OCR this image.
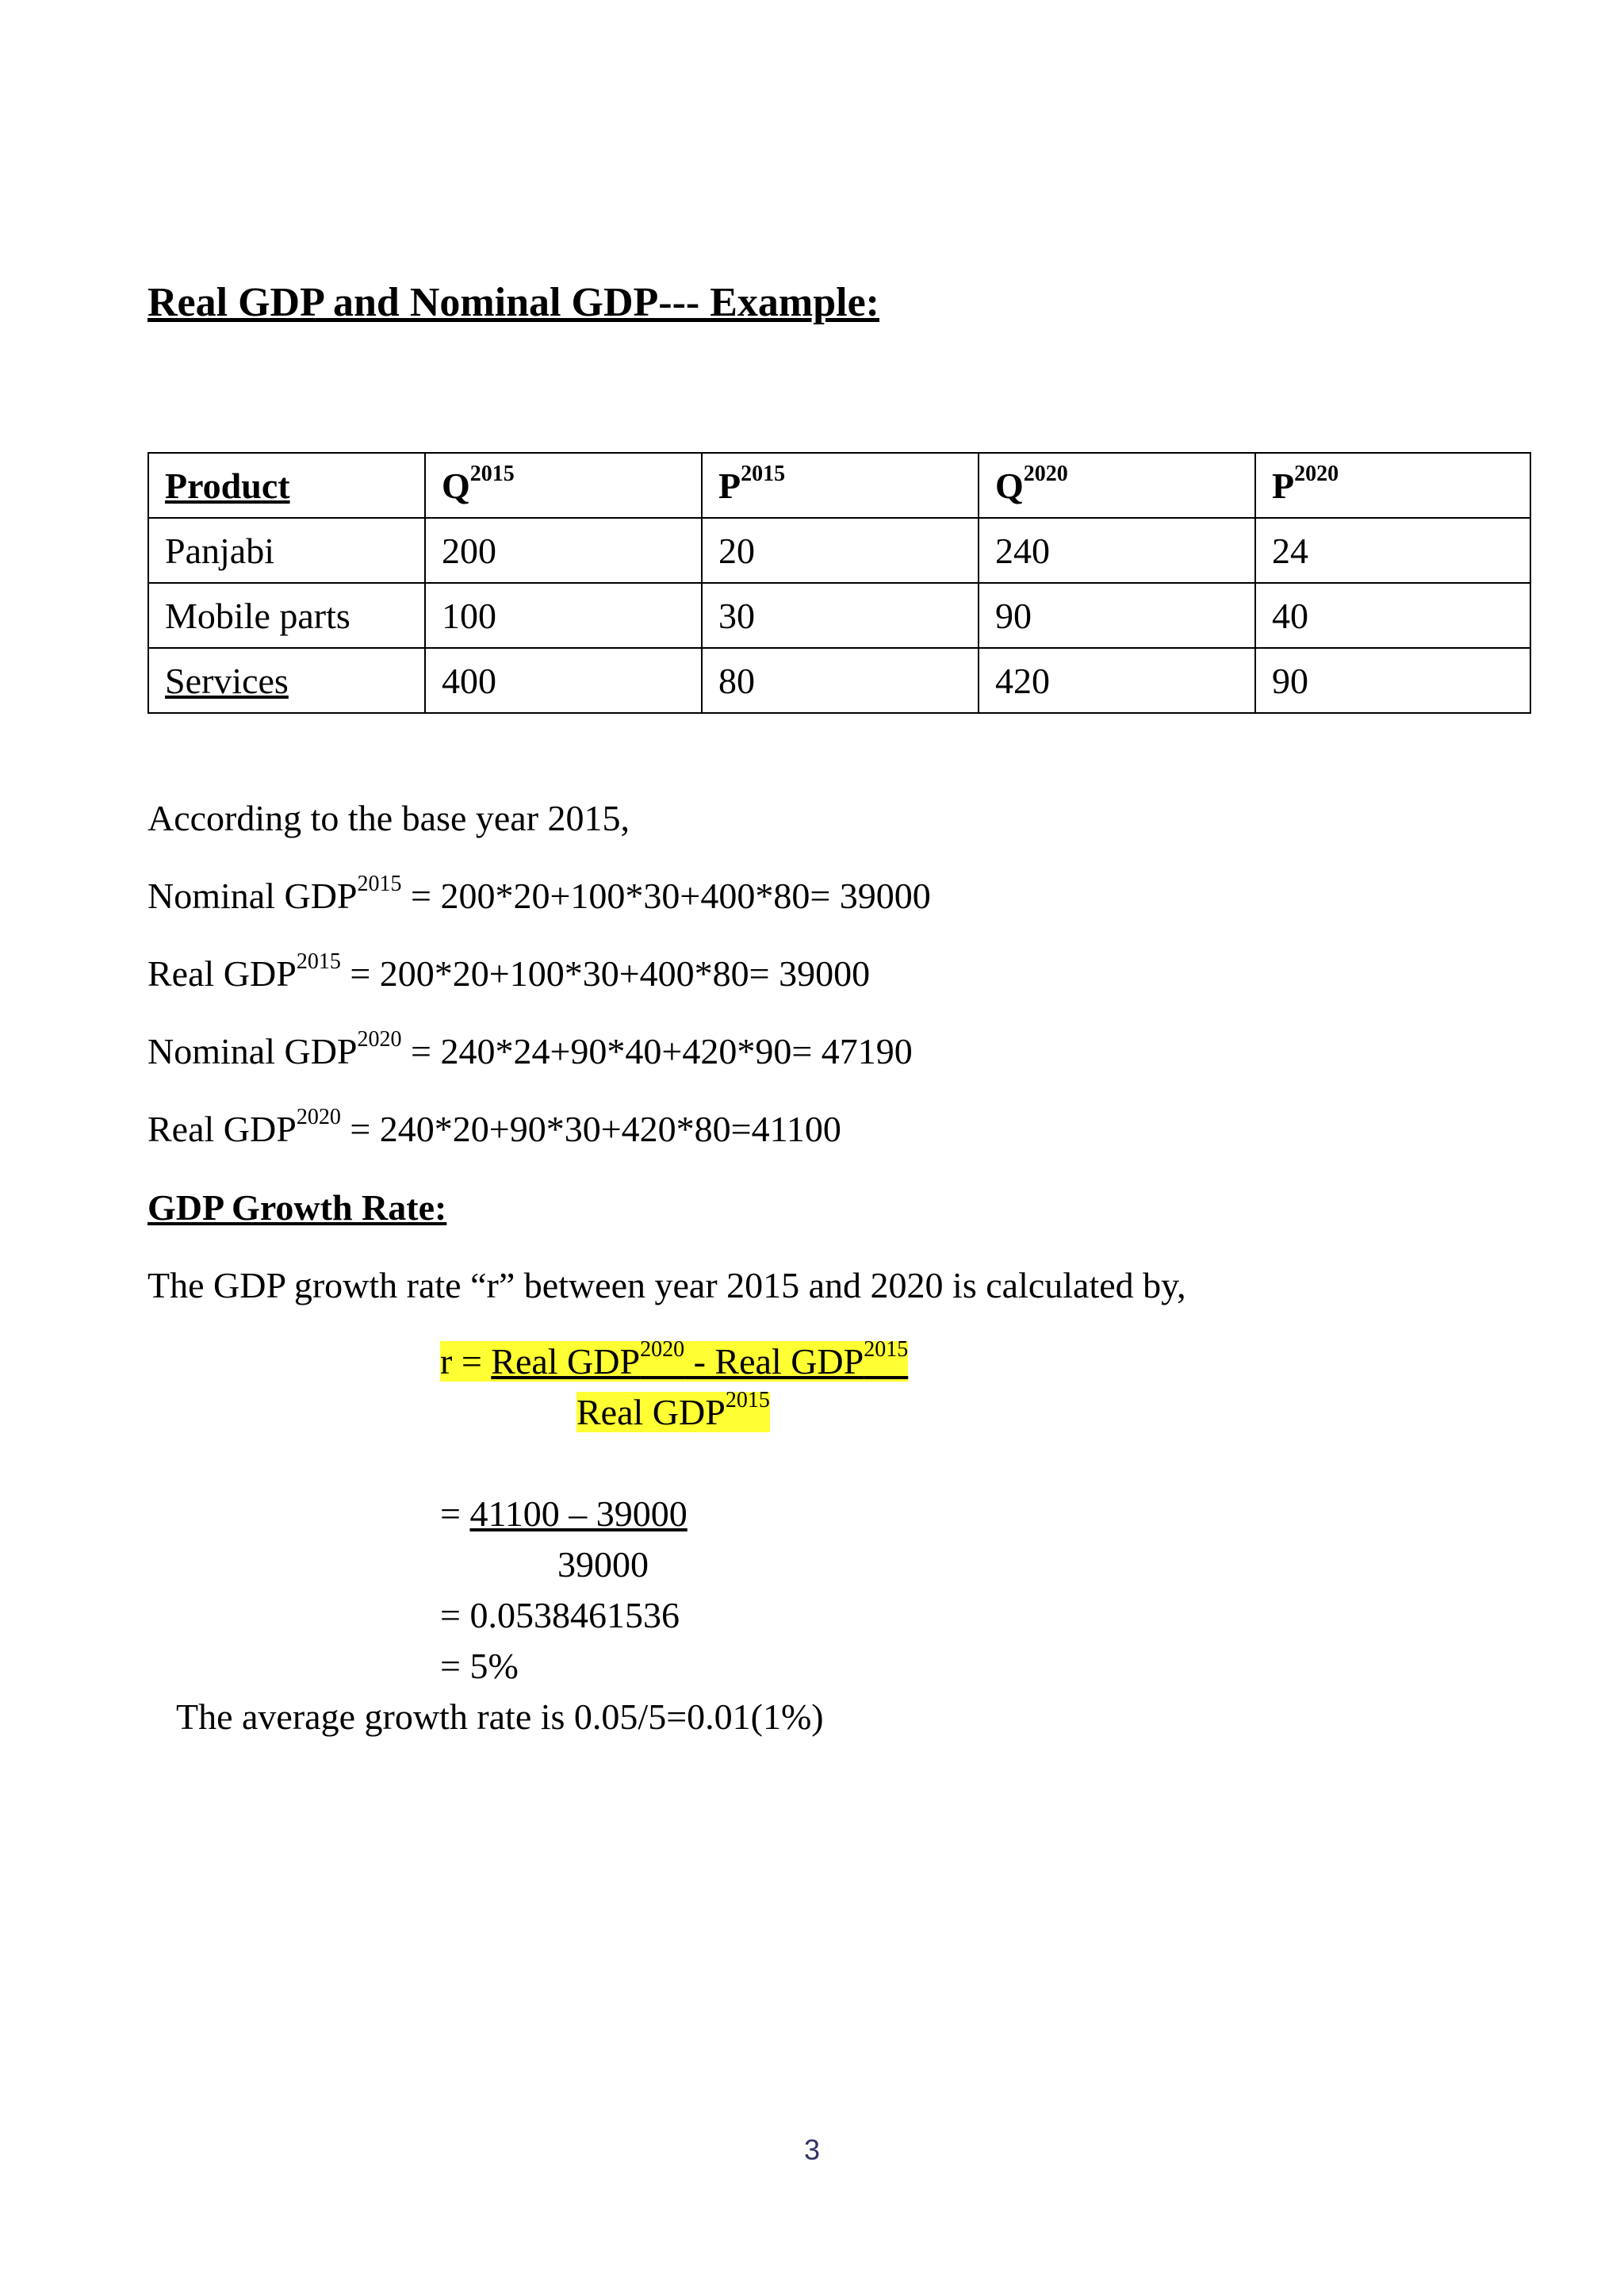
Real GDP and Nominal GDP--- Example:
Product	$Q^{2015}$	$P^{2015}$	$Q^{2020}$	$P^{2020}$
Panjabi	200	20	240	24
Mobile parts	100	30	90	40
Services	400	80	420	90
According to the base year 2015,
Nominal $GDP^{2015} = 200*20+100*30+400*80= 39000$
Real $GDP^{2015} = 200*20+100*30+400*80= 39000$
Nominal $GDP^{2020} = 240*24+90*40+420*90= 47190$
Real $GDP^{2020} = 240*20+90*30+420*80=41100$
GDP Growth Rate:
The GDP growth rate “r” between year 2015 and 2020 is calculated by,
r = Real $GDP^{2020}$ - Real $GDP^{2015}$
Real $GDP^{2015}$
= 41100 – 39000
39000
= 0.0538461536
= 5%
The average growth rate is 0.05/5=0.01(1%)
3
